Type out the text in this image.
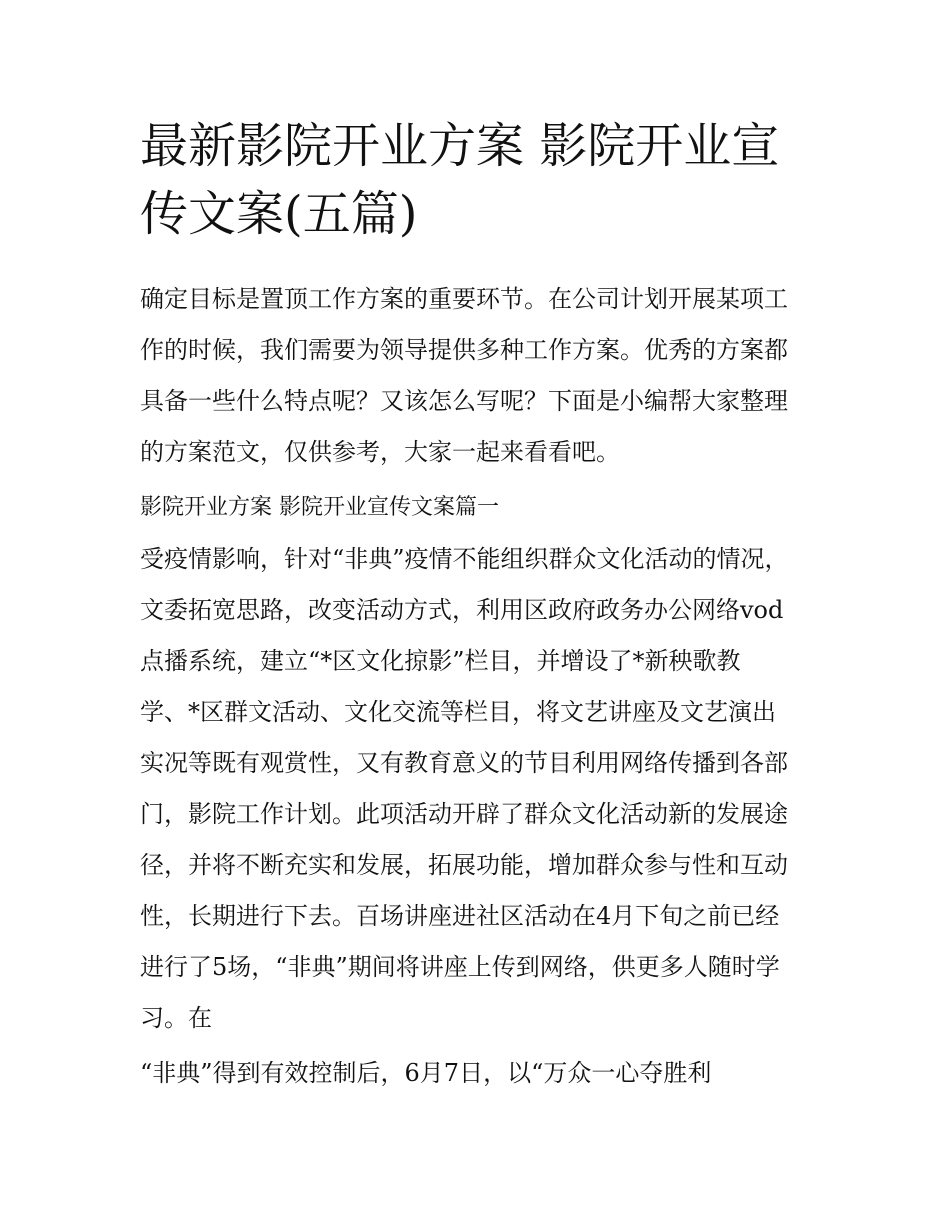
最新影院开业方案 影院开业宣
传文案(五篇)
确定目标是置顶工作方案的重要环节。在公司计划开展某项工
作的时候，我们需要为领导提供多种工作方案。优秀的方案都
具备一些什么特点呢？又该怎么写呢？下面是小编帮大家整理
的方案范文，仅供参考，大家一起来看看吧。
影院开业方案 影院开业宣传文案篇一
受疫情影响，针对“非典”疫情不能组织群众文化活动的情况，
文委拓宽思路，改变活动方式，利用区政府政务办公网络vod
点播系统，建立“*区文化掠影”栏目，并增设了*新秧歌教
学、*区群文活动、文化交流等栏目，将文艺讲座及文艺演出
实况等既有观赏性，又有教育意义的节目利用网络传播到各部
门，影院工作计划。此项活动开辟了群众文化活动新的发展途
径，并将不断充实和发展，拓展功能，增加群众参与性和互动
性，长期进行下去。百场讲座进社区活动在4月下旬之前已经
进行了5场，“非典”期间将讲座上传到网络，供更多人随时学
习。在
“非典”得到有效控制后，6月7日，以“万众一心夺胜利
